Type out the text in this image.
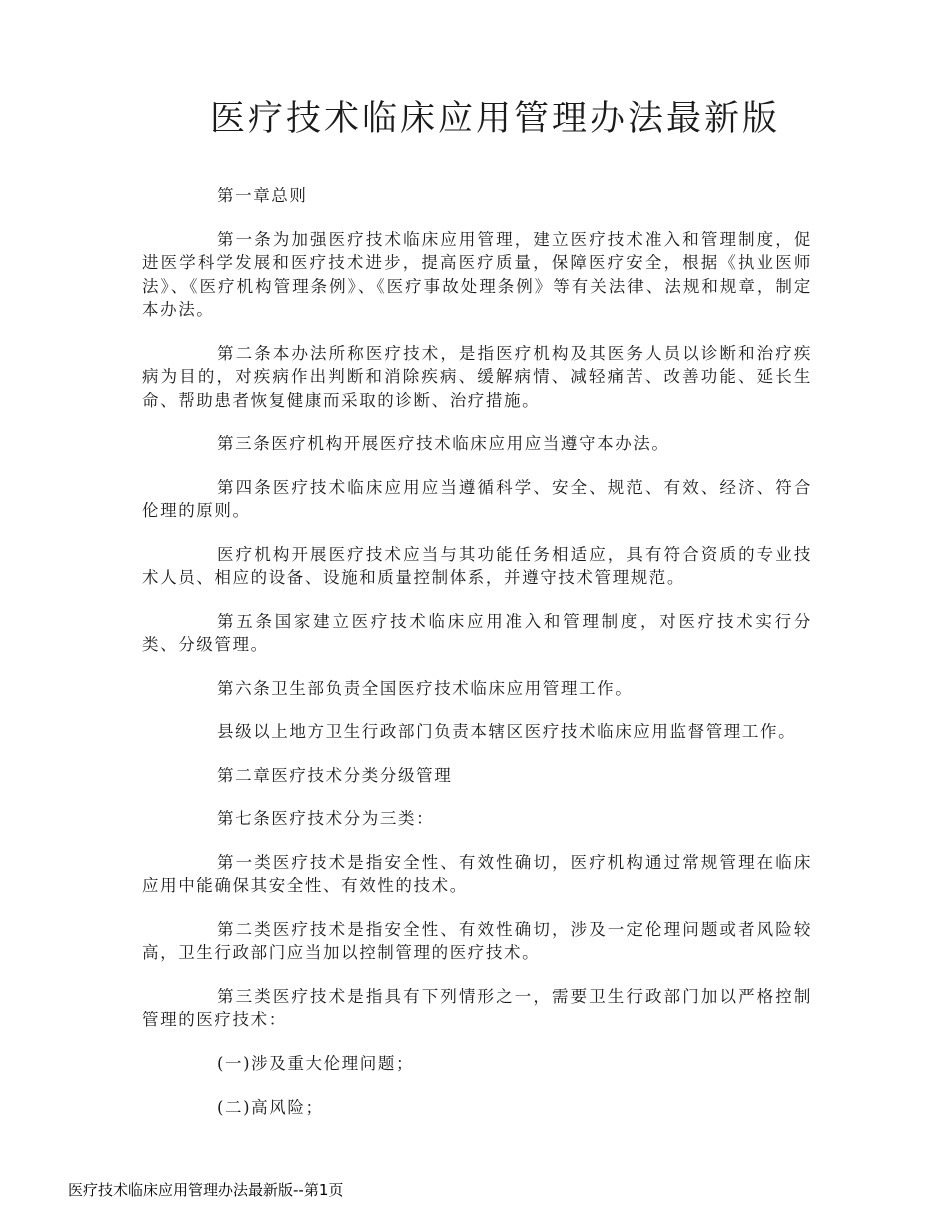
医疗技术临床应用管理办法最新版

第一章总则

第一条为加强医疗技术临床应用管理，建立医疗技术准入和管理制度，促进医学科学发展和医疗技术进步，提高医疗质量，保障医疗安全，根据《执业医师法》、《医疗机构管理条例》、《医疗事故处理条例》等有关法律、法规和规章，制定本办法。

第二条本办法所称医疗技术，是指医疗机构及其医务人员以诊断和治疗疾病为目的，对疾病作出判断和消除疾病、缓解病情、减轻痛苦、改善功能、延长生命、帮助患者恢复健康而采取的诊断、治疗措施。

第三条医疗机构开展医疗技术临床应用应当遵守本办法。

第四条医疗技术临床应用应当遵循科学、安全、规范、有效、经济、符合伦理的原则。

医疗机构开展医疗技术应当与其功能任务相适应，具有符合资质的专业技术人员、相应的设备、设施和质量控制体系，并遵守技术管理规范。

第五条国家建立医疗技术临床应用准入和管理制度，对医疗技术实行分类、分级管理。

第六条卫生部负责全国医疗技术临床应用管理工作。

县级以上地方卫生行政部门负责本辖区医疗技术临床应用监督管理工作。

第二章医疗技术分类分级管理

第七条医疗技术分为三类：

第一类医疗技术是指安全性、有效性确切，医疗机构通过常规管理在临床应用中能确保其安全性、有效性的技术。

第二类医疗技术是指安全性、有效性确切，涉及一定伦理问题或者风险较高，卫生行政部门应当加以控制管理的医疗技术。

第三类医疗技术是指具有下列情形之一，需要卫生行政部门加以严格控制管理的医疗技术：

(一)涉及重大伦理问题；

(二)高风险；

医疗技术临床应用管理办法最新版--第1页
